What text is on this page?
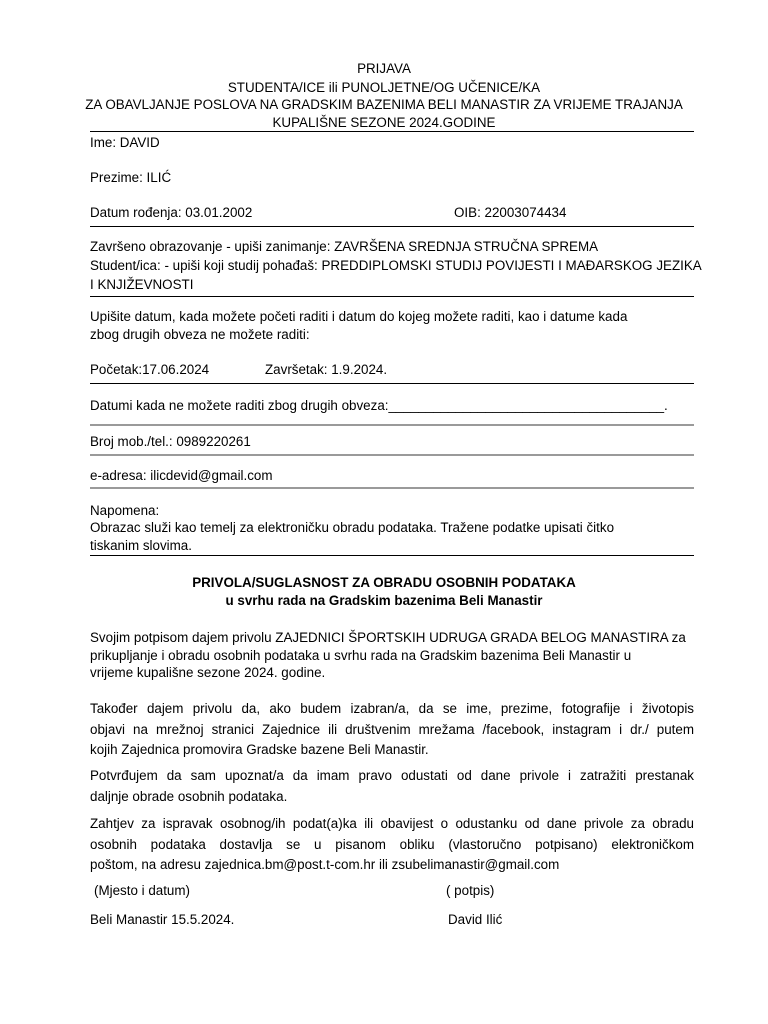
PRIJAVA
STUDENTA/ICE ili PUNOLJETNE/OG UČENICE/KA
ZA OBAVLJANJE POSLOVA NA GRADSKIM BAZENIMA BELI MANASTIR ZA VRIJEME TRAJANJA
KUPALIŠNE SEZONE 2024.GODINE
Ime: DAVID
Prezime: ILIĆ
Datum rođenja: 03.01.2002	OIB: 22003074434
Završeno obrazovanje - upiši zanimanje: ZAVRŠENA SREDNJA STRUČNA SPREMA
Student/ica: - upiši koji studij pohađaš: PREDDIPLOMSKI STUDIJ POVIJESTI I MAĐARSKOG JEZIKA
I KNJIŽEVNOSTI
Upišite datum, kada možete početi raditi i datum do kojeg možete raditi, kao i datume kada
zbog drugih obveza ne možete raditi:
Početak:17.06.2024	Završetak: 1.9.2024.
Datumi kada ne možete raditi zbog drugih obveza:_____________________________________.
Broj mob./tel.: 0989220261
e-adresa: ilicdevid@gmail.com
Napomena:
Obrazac služi kao temelj za elektroničku obradu podataka. Tražene podatke upisati čitko
tiskanim slovima.
PRIVOLA/SUGLASNOST ZA OBRADU OSOBNIH PODATAKA
u svrhu rada na Gradskim bazenima Beli Manastir
Svojim potpisom dajem privolu ZAJEDNICI ŠPORTSKIH UDRUGA GRADA BELOG MANASTIRA za
prikupljanje i obradu osobnih podataka u svrhu rada na Gradskim bazenima Beli Manastir u
vrijeme kupališne sezone 2024. godine.
Također dajem privolu da, ako budem izabran/a, da se ime, prezime, fotografije i životopis
objavi na mrežnoj stranici Zajednice ili društvenim mrežama /facebook, instagram i dr./ putem
kojih Zajednica promovira Gradske bazene Beli Manastir.
Potvrđujem da sam upoznat/a da imam pravo odustati od dane privole i zatražiti prestanak
daljnje obrade osobnih podataka.
Zahtjev za ispravak osobnog/ih podat(a)ka ili obavijest o odustanku od dane privole za obradu
osobnih podataka dostavlja se u pisanom obliku (vlastoručno potpisano) elektroničkom
poštom, na adresu zajednica.bm@post.t-com.hr ili zsubelimanastir@gmail.com
(Mjesto i datum)	( potpis)
Beli Manastir 15.5.2024.	David Ilić
